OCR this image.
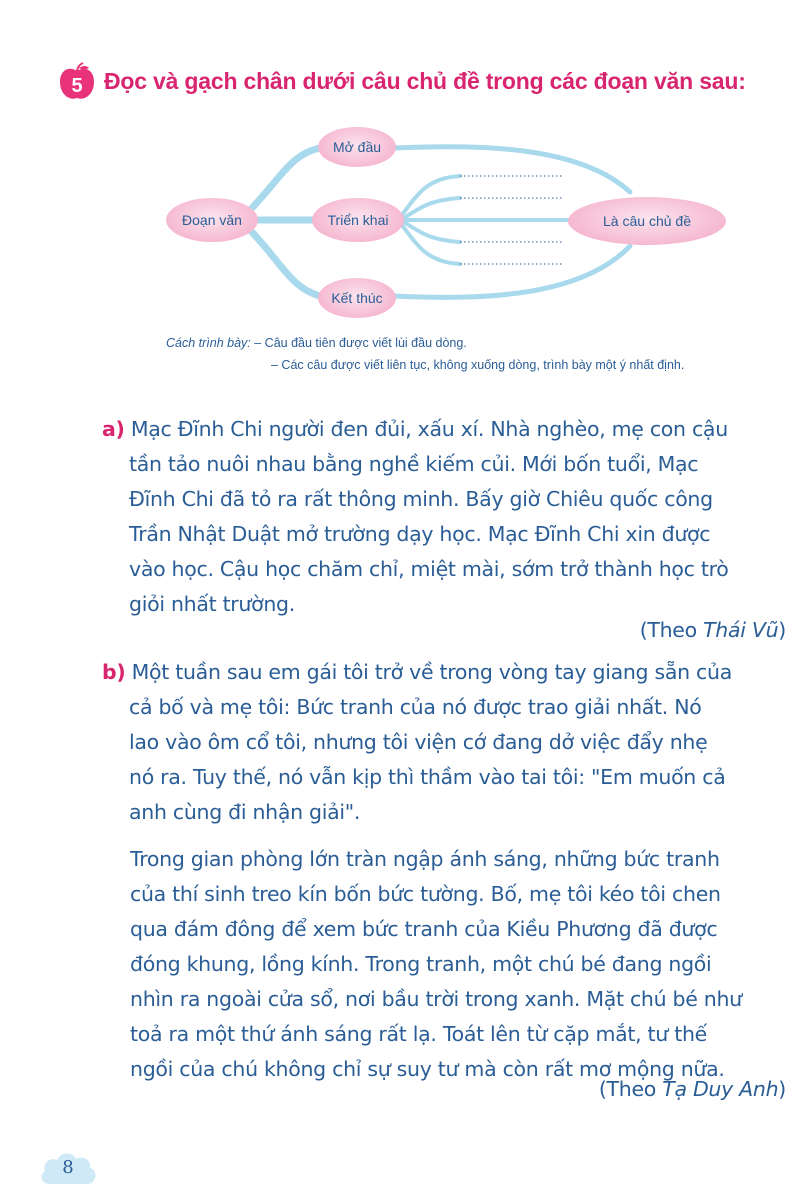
5 Đọc và gạch chân dưới câu chủ đề trong các đoạn văn sau:
Mở đầu
Đoạn văn	Triển khai
Kết thúc
Là câu chủ đề
Cách trình bày: – Câu đầu tiên được viết lùi đầu dòng.
– Các câu được viết liên tục, không xuống dòng, trình bày một ý nhất định.
a) Mạc Đĩnh Chi người đen đủi, xấu xí. Nhà nghèo, mẹ con cậu
tần tảo nuôi nhau bằng nghề kiếm củi. Mới bốn tuổi, Mạc
Đĩnh Chi đã tỏ ra rất thông minh. Bấy giờ Chiêu quốc công
Trần Nhật Duật mở trường dạy học. Mạc Đĩnh Chi xin được
vào học. Cậu học chăm chỉ, miệt mài, sớm trở thành học trò
giỏi nhất trường.
(Theo Thái Vũ)
b) Một tuần sau em gái tôi trở về trong vòng tay giang sẵn của
cả bố và mẹ tôi: Bức tranh của nó được trao giải nhất. Nó
lao vào ôm cổ tôi, nhưng tôi viện cớ đang dở việc đẩy nhẹ
nó ra. Tuy thế, nó vẫn kịp thì thầm vào tai tôi: "Em muốn cả
anh cùng đi nhận giải".
Trong gian phòng lớn tràn ngập ánh sáng, những bức tranh
của thí sinh treo kín bốn bức tường. Bố, mẹ tôi kéo tôi chen
qua đám đông để xem bức tranh của Kiều Phương đã được
đóng khung, lồng kính. Trong tranh, một chú bé đang ngồi
nhìn ra ngoài cửa sổ, nơi bầu trời trong xanh. Mặt chú bé như
toả ra một thứ ánh sáng rất lạ. Toát lên từ cặp mắt, tư thế
ngồi của chú không chỉ sự suy tư mà còn rất mơ mộng nữa.
(Theo Tạ Duy Anh)
8
